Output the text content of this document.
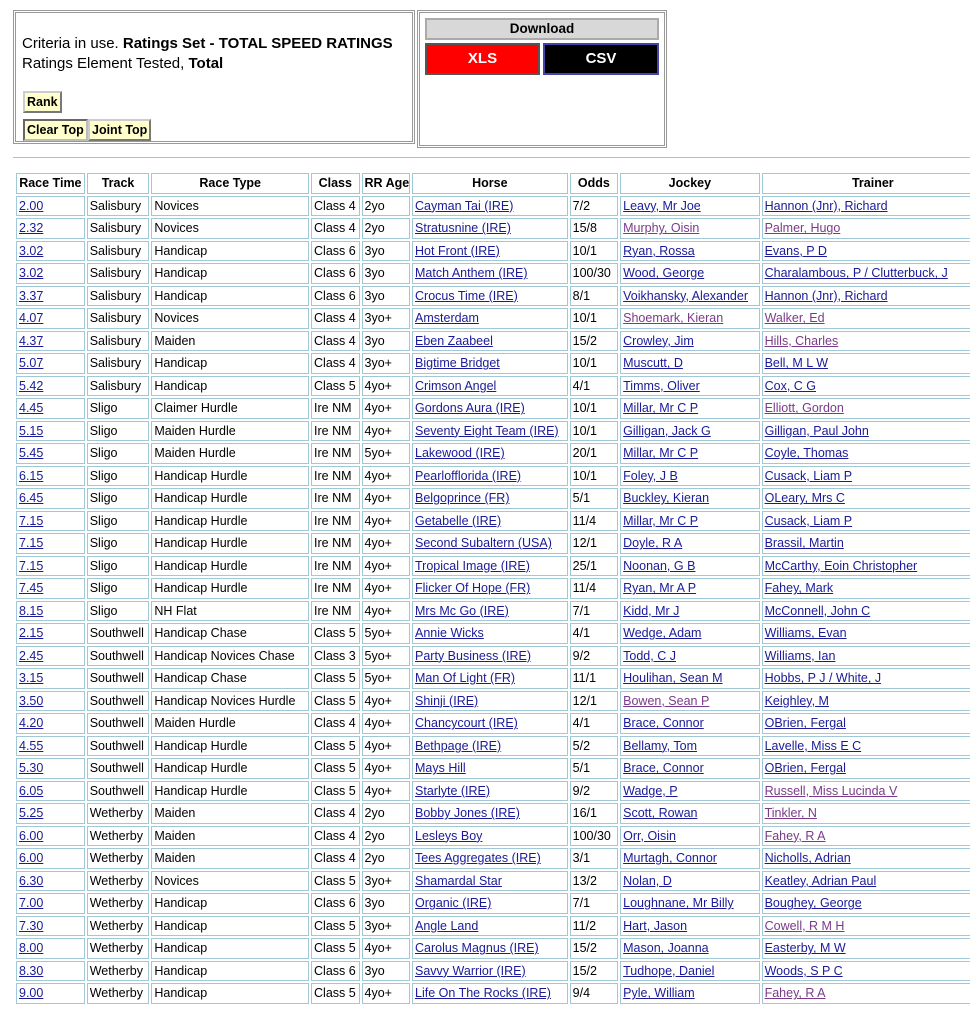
Criteria in use. Ratings Set - TOTAL SPEED RATINGS
Ratings Element Tested, Total
Rank
Clear Top Joint Top
Download
XLS	CSV
Race Time	Track	Race Type	Class	RR Age	Horse	Odds	Jockey	Trainer
2.00	Salisbury	Novices	Class 4	2yo	Cayman Tai (IRE)	7/2	Leavy, Mr Joe	Hannon (Jnr), Richard
2.32	Salisbury	Novices	Class 4	2yo	Stratusnine (IRE)	15/8	Murphy, Oisin	Palmer, Hugo
3.02	Salisbury	Handicap	Class 6	3yo	Hot Front (IRE)	10/1	Ryan, Rossa	Evans, P D
3.02	Salisbury	Handicap	Class 6	3yo	Match Anthem (IRE)	100/30	Wood, George	Charalambous, P / Clutterbuck, J
3.37	Salisbury	Handicap	Class 6	3yo	Crocus Time (IRE)	8/1	Voikhansky, Alexander	Hannon (Jnr), Richard
4.07	Salisbury	Novices	Class 4	3yo+	Amsterdam	10/1	Shoemark, Kieran	Walker, Ed
4.37	Salisbury	Maiden	Class 4	3yo	Eben Zaabeel	15/2	Crowley, Jim	Hills, Charles
5.07	Salisbury	Handicap	Class 4	3yo+	Bigtime Bridget	10/1	Muscutt, D	Bell, M L W
5.42	Salisbury	Handicap	Class 5	4yo+	Crimson Angel	4/1	Timms, Oliver	Cox, C G
4.45	Sligo	Claimer Hurdle	Ire NM	4yo+	Gordons Aura (IRE)	10/1	Millar, Mr C P	Elliott, Gordon
5.15	Sligo	Maiden Hurdle	Ire NM	4yo+	Seventy Eight Team (IRE)	10/1	Gilligan, Jack G	Gilligan, Paul John
5.45	Sligo	Maiden Hurdle	Ire NM	5yo+	Lakewood (IRE)	20/1	Millar, Mr C P	Coyle, Thomas
6.15	Sligo	Handicap Hurdle	Ire NM	4yo+	Pearlofflorida (IRE)	10/1	Foley, J B	Cusack, Liam P
6.45	Sligo	Handicap Hurdle	Ire NM	4yo+	Belgoprince (FR)	5/1	Buckley, Kieran	OLeary, Mrs C
7.15	Sligo	Handicap Hurdle	Ire NM	4yo+	Getabelle (IRE)	11/4	Millar, Mr C P	Cusack, Liam P
7.15	Sligo	Handicap Hurdle	Ire NM	4yo+	Second Subaltern (USA)	12/1	Doyle, R A	Brassil, Martin
7.15	Sligo	Handicap Hurdle	Ire NM	4yo+	Tropical Image (IRE)	25/1	Noonan, G B	McCarthy, Eoin Christopher
7.45	Sligo	Handicap Hurdle	Ire NM	4yo+	Flicker Of Hope (FR)	11/4	Ryan, Mr A P	Fahey, Mark
8.15	Sligo	NH Flat	Ire NM	4yo+	Mrs Mc Go (IRE)	7/1	Kidd, Mr J	McConnell, John C
2.15	Southwell	Handicap Chase	Class 5	5yo+	Annie Wicks	4/1	Wedge, Adam	Williams, Evan
2.45	Southwell	Handicap Novices Chase	Class 3	5yo+	Party Business (IRE)	9/2	Todd, C J	Williams, Ian
3.15	Southwell	Handicap Chase	Class 5	5yo+	Man Of Light (FR)	11/1	Houlihan, Sean M	Hobbs, P J / White, J
3.50	Southwell	Handicap Novices Hurdle	Class 5	4yo+	Shinji (IRE)	12/1	Bowen, Sean P	Keighley, M
4.20	Southwell	Maiden Hurdle	Class 4	4yo+	Chancycourt (IRE)	4/1	Brace, Connor	OBrien, Fergal
4.55	Southwell	Handicap Hurdle	Class 5	4yo+	Bethpage (IRE)	5/2	Bellamy, Tom	Lavelle, Miss E C
5.30	Southwell	Handicap Hurdle	Class 5	4yo+	Mays Hill	5/1	Brace, Connor	OBrien, Fergal
6.05	Southwell	Handicap Hurdle	Class 5	4yo+	Starlyte (IRE)	9/2	Wadge, P	Russell, Miss Lucinda V
5.25	Wetherby	Maiden	Class 4	2yo	Bobby Jones (IRE)	16/1	Scott, Rowan	Tinkler, N
6.00	Wetherby	Maiden	Class 4	2yo	Lesleys Boy	100/30	Orr, Oisin	Fahey, R A
6.00	Wetherby	Maiden	Class 4	2yo	Tees Aggregates (IRE)	3/1	Murtagh, Connor	Nicholls, Adrian
6.30	Wetherby	Novices	Class 5	3yo+	Shamardal Star	13/2	Nolan, D	Keatley, Adrian Paul
7.00	Wetherby	Handicap	Class 6	3yo	Organic (IRE)	7/1	Loughnane, Mr Billy	Boughey, George
7.30	Wetherby	Handicap	Class 5	3yo+	Angle Land	11/2	Hart, Jason	Cowell, R M H
8.00	Wetherby	Handicap	Class 5	4yo+	Carolus Magnus (IRE)	15/2	Mason, Joanna	Easterby, M W
8.30	Wetherby	Handicap	Class 6	3yo	Savvy Warrior (IRE)	15/2	Tudhope, Daniel	Woods, S P C
9.00	Wetherby	Handicap	Class 5	4yo+	Life On The Rocks (IRE)	9/4	Pyle, William	Fahey, R A
